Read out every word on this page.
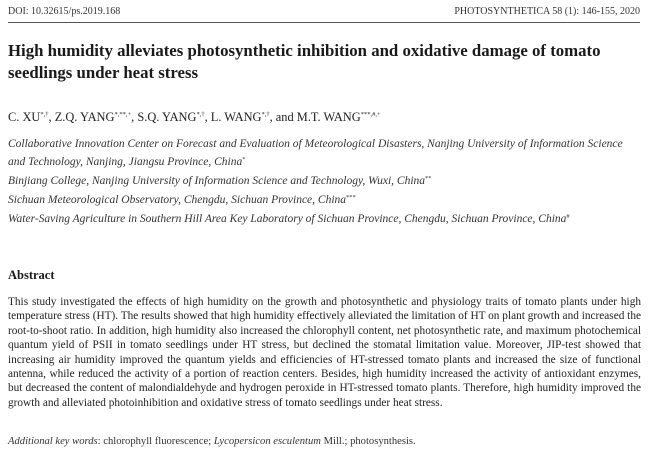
DOI: 10.32615/ps.2019.168	PHOTOSYNTHETICA 58 (1): 146-155, 2020
High humidity alleviates photosynthetic inhibition and oxidative damage of tomato seedlings under heat stress
C. XU*,†, Z.Q. YANG*,**,+, S.Q. YANG*,†, L. WANG*,†, and M.T. WANG***,#,+

Collaborative Innovation Center on Forecast and Evaluation of Meteorological Disasters, Nanjing University of Information Science and Technology, Nanjing, Jiangsu Province, China*

Binjiang College, Nanjing University of Information Science and Technology, Wuxi, China**

Sichuan Meteorological Observatory, Chengdu, Sichuan Province, China***

Water-Saving Agriculture in Southern Hill Area Key Laboratory of Sichuan Province, Chengdu, Sichuan Province, China#

Abstract
This study investigated the effects of high humidity on the growth and photosynthetic and physiology traits of tomato plants under high temperature stress (HT). The results showed that high humidity effectively alleviated the limitation of HT on plant growth and increased the root-to-shoot ratio. In addition, high humidity also increased the chlorophyll content, net photosynthetic rate, and maximum photochemical quantum yield of PSII in tomato seedlings under HT stress, but declined the stomatal limitation value. Moreover, JIP-test showed that increasing air humidity improved the quantum yields and efficiencies of HT-stressed tomato plants and increased the size of functional antenna, while reduced the activity of a portion of reaction centers. Besides, high humidity increased the activity of antioxidant enzymes, but decreased the content of malondialdehyde and hydrogen peroxide in HT-stressed tomato plants. Therefore, high humidity improved the growth and alleviated photoinhibition and oxidative stress of tomato seedlings under heat stress.
Additional key words: chlorophyll fluorescence; Lycopersicon esculentum Mill.; photosynthesis.
